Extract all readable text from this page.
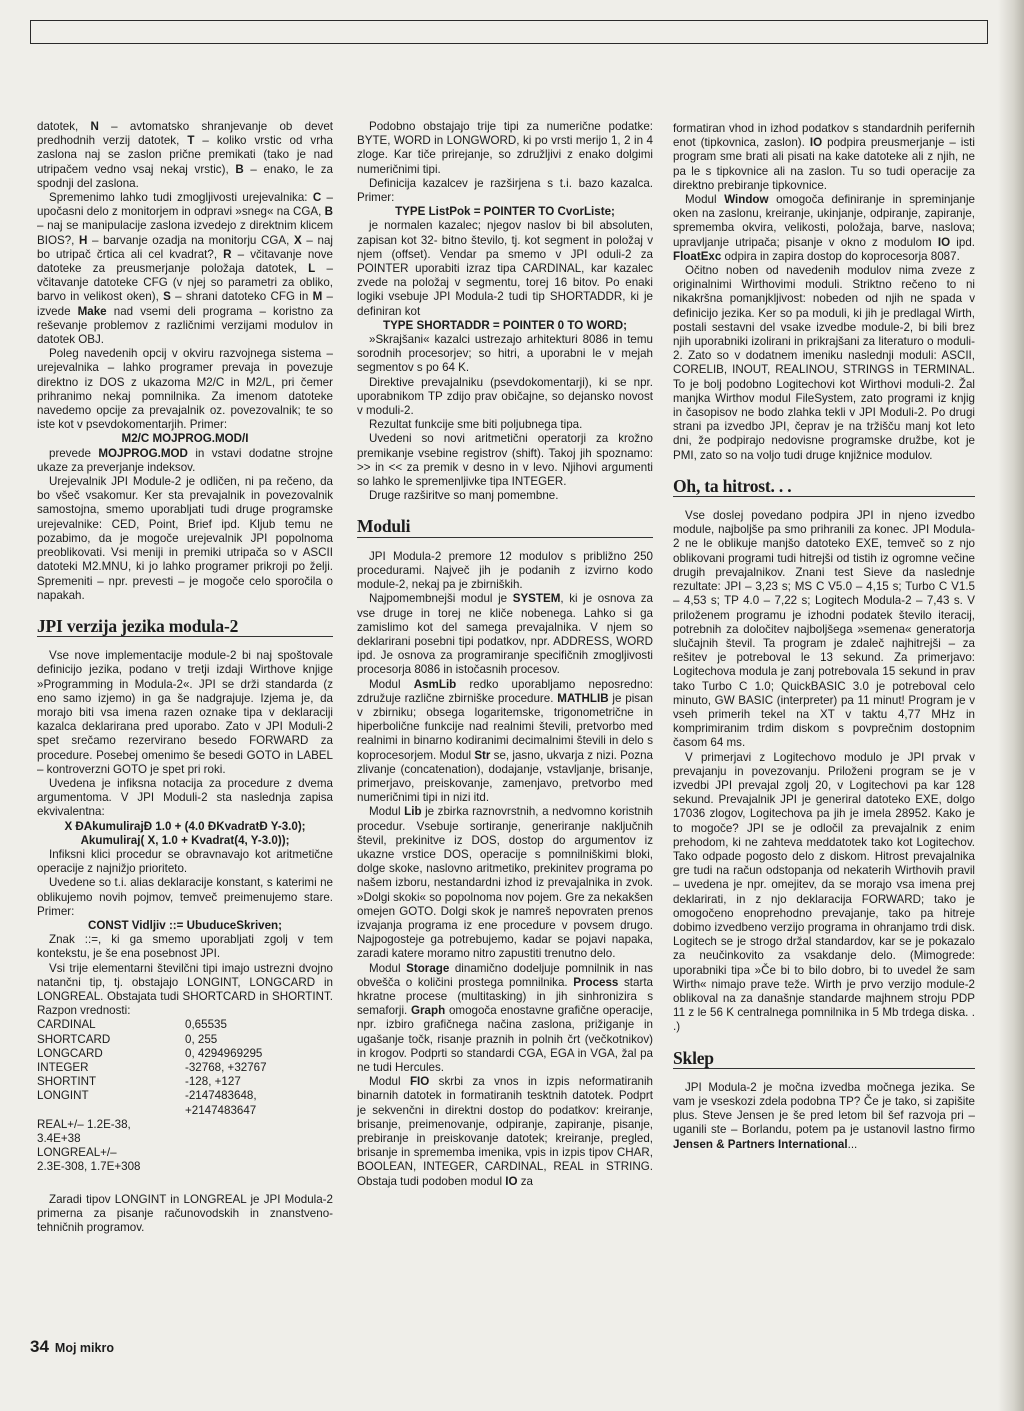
datotek, N – avtomatsko shranjevanje ob devet predhodnih verzij datotek, T – koliko vrstic od vrha zaslona naj se zaslon prične premikati (tako je nad utripačem vedno vsaj nekaj vrstic), B – enako, le za spodnji del zaslona.

Spremenimo lahko tudi zmogljivosti urejevalnika: C – upočasni delo z monitorjem in odpravi »sneg« na CGA, B – naj se manipulacije zaslona izvedejo z direktnim klicem BIOS?, H – barvanje ozadja na monitorju CGA, X – naj bo utripač črtica ali cel kvadrat?, R – včitavanje nove datoteke za preusmerjanje položaja datotek, L – včitavanje datoteke CFG (v njej so parametri za obliko, barvo in velikost oken), S – shrani datoteko CFG in M – izvede Make nad vsemi deli programa – koristno za reševanje problemov z različnimi verzijami modulov in datotek OBJ.

Poleg navedenih opcij v okviru razvojnega sistema – urejevalnika – lahko programer prevaja in povezuje direktno iz DOS z ukazoma M2/C in M2/L, pri čemer prihranimo nekaj pomnilnika. Za imenom datoteke navedemo opcije za prevajalnik oz. povezovalnik; te so iste kot v psevdokomentarjih. Primer:

M2/C MOJPROG.MOD/I

prevede MOJPROG.MOD in vstavi dodatne strojne ukaze za preverjanje indeksov.

Urejevalnik JPI Module-2 je odličen, ni pa rečeno, da bo všeč vsakomur. Ker sta prevajalnik in povezovalnik samostojna, smemo uporabljati tudi druge programske urejevalnike: CED, Point, Brief ipd. Kljub temu ne pozabimo, da je mogoče urejevalnik JPI popolnoma preoblikovati. Vsi meniji in premiki utripača so v ASCII datoteki M2.MNU, ki jo lahko programer prikroji po želji. Spremeniti – npr. prevesti – je mogoče celo sporočila o napakah.

JPI verzija jezika modula-2

Vse nove implementacije module-2 bi naj spoštovale definicijo jezika, podano v tretji izdaji Wirthove knjige »Programming in Modula-2«. JPI se drži standarda (z eno samo izjemo) in ga še nadgrajuje. Izjema je, da morajo biti vsa imena razen oznake tipa v deklaraciji kazalca deklarirana pred uporabo. Zato v JPI Moduli-2 spet srečamo rezervirano besedo FORWARD za procedure. Posebej omenimo še besedi GOTO in LABEL – kontroverzni GOTO je spet pri roki.

Uvedena je infiksna notacija za procedure z dvema argumentoma. V JPI Moduli-2 sta naslednja zapisa ekvivalentna:

X ÐAkumulirajÐ 1.0 + (4.0 ÐKvadratÐ Y-3.0);

Akumuliraj( X, 1.0 + Kvadrat(4, Y-3.0));

Infiksni klici procedur se obravnavajo kot aritmetične operacije z najnižjo prioriteto.

Uvedene so t.i. alias deklaracije konstant, s katerimi ne oblikujemo novih pojmov, temveč preimenujemo stare. Primer:

CONST Vidljiv ::= UbuduceSkriven;

Znak ::=, ki ga smemo uporabljati zgolj v tem kontekstu, je še ena posebnost JPI.

Vsi trije elementarni številčni tipi imajo ustrezni dvojno natančni tip, tj. obstajajo LONGINT, LONGCARD in LONGREAL. Obstajata tudi SHORTCARD in SHORTINT. Razpon vrednosti:

CARDINAL	0,65535
SHORTCARD	0, 255
LONGCARD	0, 4294969295
INTEGER	-32768, +32767
SHORTINT	-128, +127
LONGINT	-2147483648,
	+2147483647

REAL+/– 1.2E-38,

3.4E+38

LONGREAL+/–

2.3E-308, 1.7E+308

Zaradi tipov LONGINT in LONGREAL je JPI Modula-2 primerna za pisanje računovodskih in znanstveno-tehničnih programov.

Podobno obstajajo trije tipi za numerične podatke: BYTE, WORD in LONGWORD, ki po vrsti merijo 1, 2 in 4 zloge. Kar tiče prirejanje, so združljivi z enako dolgimi numeričnimi tipi.

Definicija kazalcev je razširjena s t.i. bazo kazalca. Primer:

TYPE ListPok = POINTER TO CvorListe;

je normalen kazalec; njegov naslov bi bil absoluten, zapisan kot 32- bitno število, tj. kot segment in položaj v njem (offset). Vendar pa smemo v JPI oduli-2 za POINTER uporabiti izraz tipa CARDINAL, kar kazalec zvede na položaj v segmentu, torej 16 bitov. Po enaki logiki vsebuje JPI Modula-2 tudi tip SHORTADDR, ki je definiran kot

TYPE SHORTADDR = POINTER 0 TO WORD;

»Skrajšani« kazalci ustrezajo arhitekturi 8086 in temu sorodnih procesorjev; so hitri, a uporabni le v mejah segmentov s po 64 K.

Direktive prevajalniku (psevdokomentarji), ki se npr. uporabnikom TP zdijo prav običajne, so dejansko novost v moduli-2.

Rezultat funkcije sme biti poljubnega tipa.

Uvedeni so novi aritmetični operatorji za krožno premikanje vsebine registrov (shift). Takoj jih spoznamo: >> in << za premik v desno in v levo. Njihovi argumenti so lahko le spremenljivke tipa INTEGER.

Druge razširitve so manj pomembne.

Moduli

JPI Modula-2 premore 12 modulov s približno 250 procedurami. Največ jih je podanih z izvirno kodo module-2, nekaj pa je zbirniških.

Najpomembnejši modul je SYSTEM, ki je osnova za vse druge in torej ne kliče nobenega. Lahko si ga zamislimo kot del samega prevajalnika. V njem so deklarirani posebni tipi podatkov, npr. ADDRESS, WORD ipd. Je osnova za programiranje specifičnih zmogljivosti procesorja 8086 in istočasnih procesov.

Modul AsmLib redko uporabljamo neposredno: združuje različne zbirniške procedure. MATHLIB je pisan v zbirniku; obsega logaritemske, trigonometrične in hiperbolične funkcije nad realnimi števili, pretvorbo med realnimi in binarno kodiranimi decimalnimi števili in delo s koprocesorjem. Modul Str se, jasno, ukvarja z nizi. Pozna zlivanje (concatenation), dodajanje, vstavljanje, brisanje, primerjavo, preiskovanje, zamenjavo, pretvorbo med numeričnimi tipi in nizi itd.

Modul Lib je zbirka raznovrstnih, a nedvomno koristnih procedur. Vsebuje sortiranje, generiranje naključnih števil, prekinitve iz DOS, dostop do argumentov iz ukazne vrstice DOS, operacije s pomnilniškimi bloki, dolge skoke, naslovno aritmetiko, prekinitev programa po našem izboru, nestandardni izhod iz prevajalnika in zvok. »Dolgi skoki« so popolnoma nov pojem. Gre za nekakšen omejen GOTO. Dolgi skok je namreš nepovraten prenos izvajanja programa iz ene procedure v povsem drugo. Najpogosteje ga potrebujemo, kadar se pojavi napaka, zaradi katere moramo nitro zapustiti trenutno delo.

Modul Storage dinamično dodeljuje pomnilnik in nas obvešča o količini prostega pomnilnika. Process starta hkratne procese (multitasking) in jih sinhronizira s semaforji. Graph omogoča enostavne grafične operacije, npr. izbiro grafičnega načina zaslona, prižiganje in ugašanje točk, risanje praznih in polnih črt (večkotnikov) in krogov. Podprti so standardi CGA, EGA in VGA, žal pa ne tudi Hercules.

Modul FIO skrbi za vnos in izpis neformatiranih binarnih datotek in formatiranih tesktnih datotek. Podprt je sekvenčni in direktni dostop do podatkov: kreiranje, brisanje, preimenovanje, odpiranje, zapiranje, pisanje, prebiranje in preiskovanje datotek; kreiranje, pregled, brisanje in sprememba imenika, vpis in izpis tipov CHAR, BOOLEAN, INTEGER, CARDINAL, REAL in STRING. Obstaja tudi podoben modul IO za

formatiran vhod in izhod podatkov s standardnih perifernih enot (tipkovnica, zaslon). IO podpira preusmerjanje – isti program sme brati ali pisati na kake datoteke ali z njih, ne pa le s tipkovnice ali na zaslon. Tu so tudi operacije za direktno prebiranje tipkovnice.

Modul Window omogoča definiranje in spreminjanje oken na zaslonu, kreiranje, ukinjanje, odpiranje, zapiranje, sprememba okvira, velikosti, položaja, barve, naslova; upravljanje utripača; pisanje v okno z modulom IO ipd. FloatExc odpira in zapira dostop do koprocesorja 8087.

Očitno noben od navedenih modulov nima zveze z originalnimi Wirthovimi moduli. Striktno rečeno to ni nikakršna pomanjkljivost: nobeden od njih ne spada v definicijo jezika. Ker so pa moduli, ki jih je predlagal Wirth, postali sestavni del vsake izvedbe module-2, bi bili brez njih uporabniki izolirani in prikrajšani za literaturo o moduli- 2. Zato so v dodatnem imeniku naslednji moduli: ASCII, CORELIB, INOUT, REALINOU, STRINGS in TERMINAL. To je bolj podobno Logitechovi kot Wirthovi moduli-2. Žal manjka Wirthov modul FileSystem, zato programi iz knjig in časopisov ne bodo zlahka tekli v JPI Moduli-2. Po drugi strani pa izvedbo JPI, čeprav je na tržišču manj kot leto dni, že podpirajo nedovisne programske družbe, kot je PMI, zato so na voljo tudi druge knjižnice modulov.

Oh, ta hitrost. . .

Vse doslej povedano podpira JPI in njeno izvedbo module, najboljše pa smo prihranili za konec. JPI Modula-2 ne le oblikuje manjšo datoteko EXE, temveč so z njo oblikovani programi tudi hitrejši od tistih iz ogromne večine drugih prevajalnikov. Znani test Sieve da naslednje rezultate: JPI – 3,23 s; MS C V5.0 – 4,15 s; Turbo C V1.5 – 4,53 s; TP 4.0 – 7,22 s; Logitech Modula-2 – 7,43 s. V priloženem programu je izhodni podatek število iteracij, potrebnih za določitev najboljšega »semena« generatorja slučajnih števil. Ta program je zdaleč najhitrejši – za rešitev je potreboval le 13 sekund. Za primerjavo: Logitechova modula je zanj potrebovala 15 sekund in prav tako Turbo C 1.0; QuickBASIC 3.0 je potreboval celo minuto, GW BASIC (interpreter) pa 11 minut! Program je v vseh primerih tekel na XT v taktu 4,77 MHz in komprimiranim trdim diskom s povprečnim dostopnim časom 64 ms.

V primerjavi z Logitechovo modulo je JPI prvak v prevajanju in povezovanju. Priloženi program se je v izvedbi JPI prevajal zgolj 20, v Logitechovi pa kar 128 sekund. Prevajalnik JPI je generiral datoteko EXE, dolgo 17036 zlogov, Logitechova pa jih je imela 28952. Kako je to mogoče? JPI se je odločil za prevajalnik z enim prehodom, ki ne zahteva meddatotek tako kot Logitechov. Tako odpade pogosto delo z diskom. Hitrost prevajalnika gre tudi na račun odstopanja od nekaterih Wirthovih pravil – uvedena je npr. omejitev, da se morajo vsa imena prej deklarirati, in z njo deklaracija FORWARD; tako je omogočeno enoprehodno prevajanje, tako pa hitreje dobimo izvedbeno verzijo programa in ohranjamo trdi disk. Logitech se je strogo držal standardov, kar se je pokazalo za neučinkovito za vsakdanje delo. (Mimogrede: uporabniki tipa »Če bi to bilo dobro, bi to uvedel že sam Wirth« nimajo prave teže. Wirth je prvo verzijo module-2 oblikoval na za današnje standarde majhnem stroju PDP 11 z le 56 K centralnega pomnilnika in 5 Mb trdega diska. . .)

Sklep

JPI Modula-2 je močna izvedba močnega jezika. Se vam je vseskozi zdela podobna TP? Če je tako, si zapišite plus. Steve Jensen je še pred letom bil šef razvoja pri – uganili ste – Borlandu, potem pa je ustanovil lastno firmo Jensen & Partners International...

34 Moj mikro
